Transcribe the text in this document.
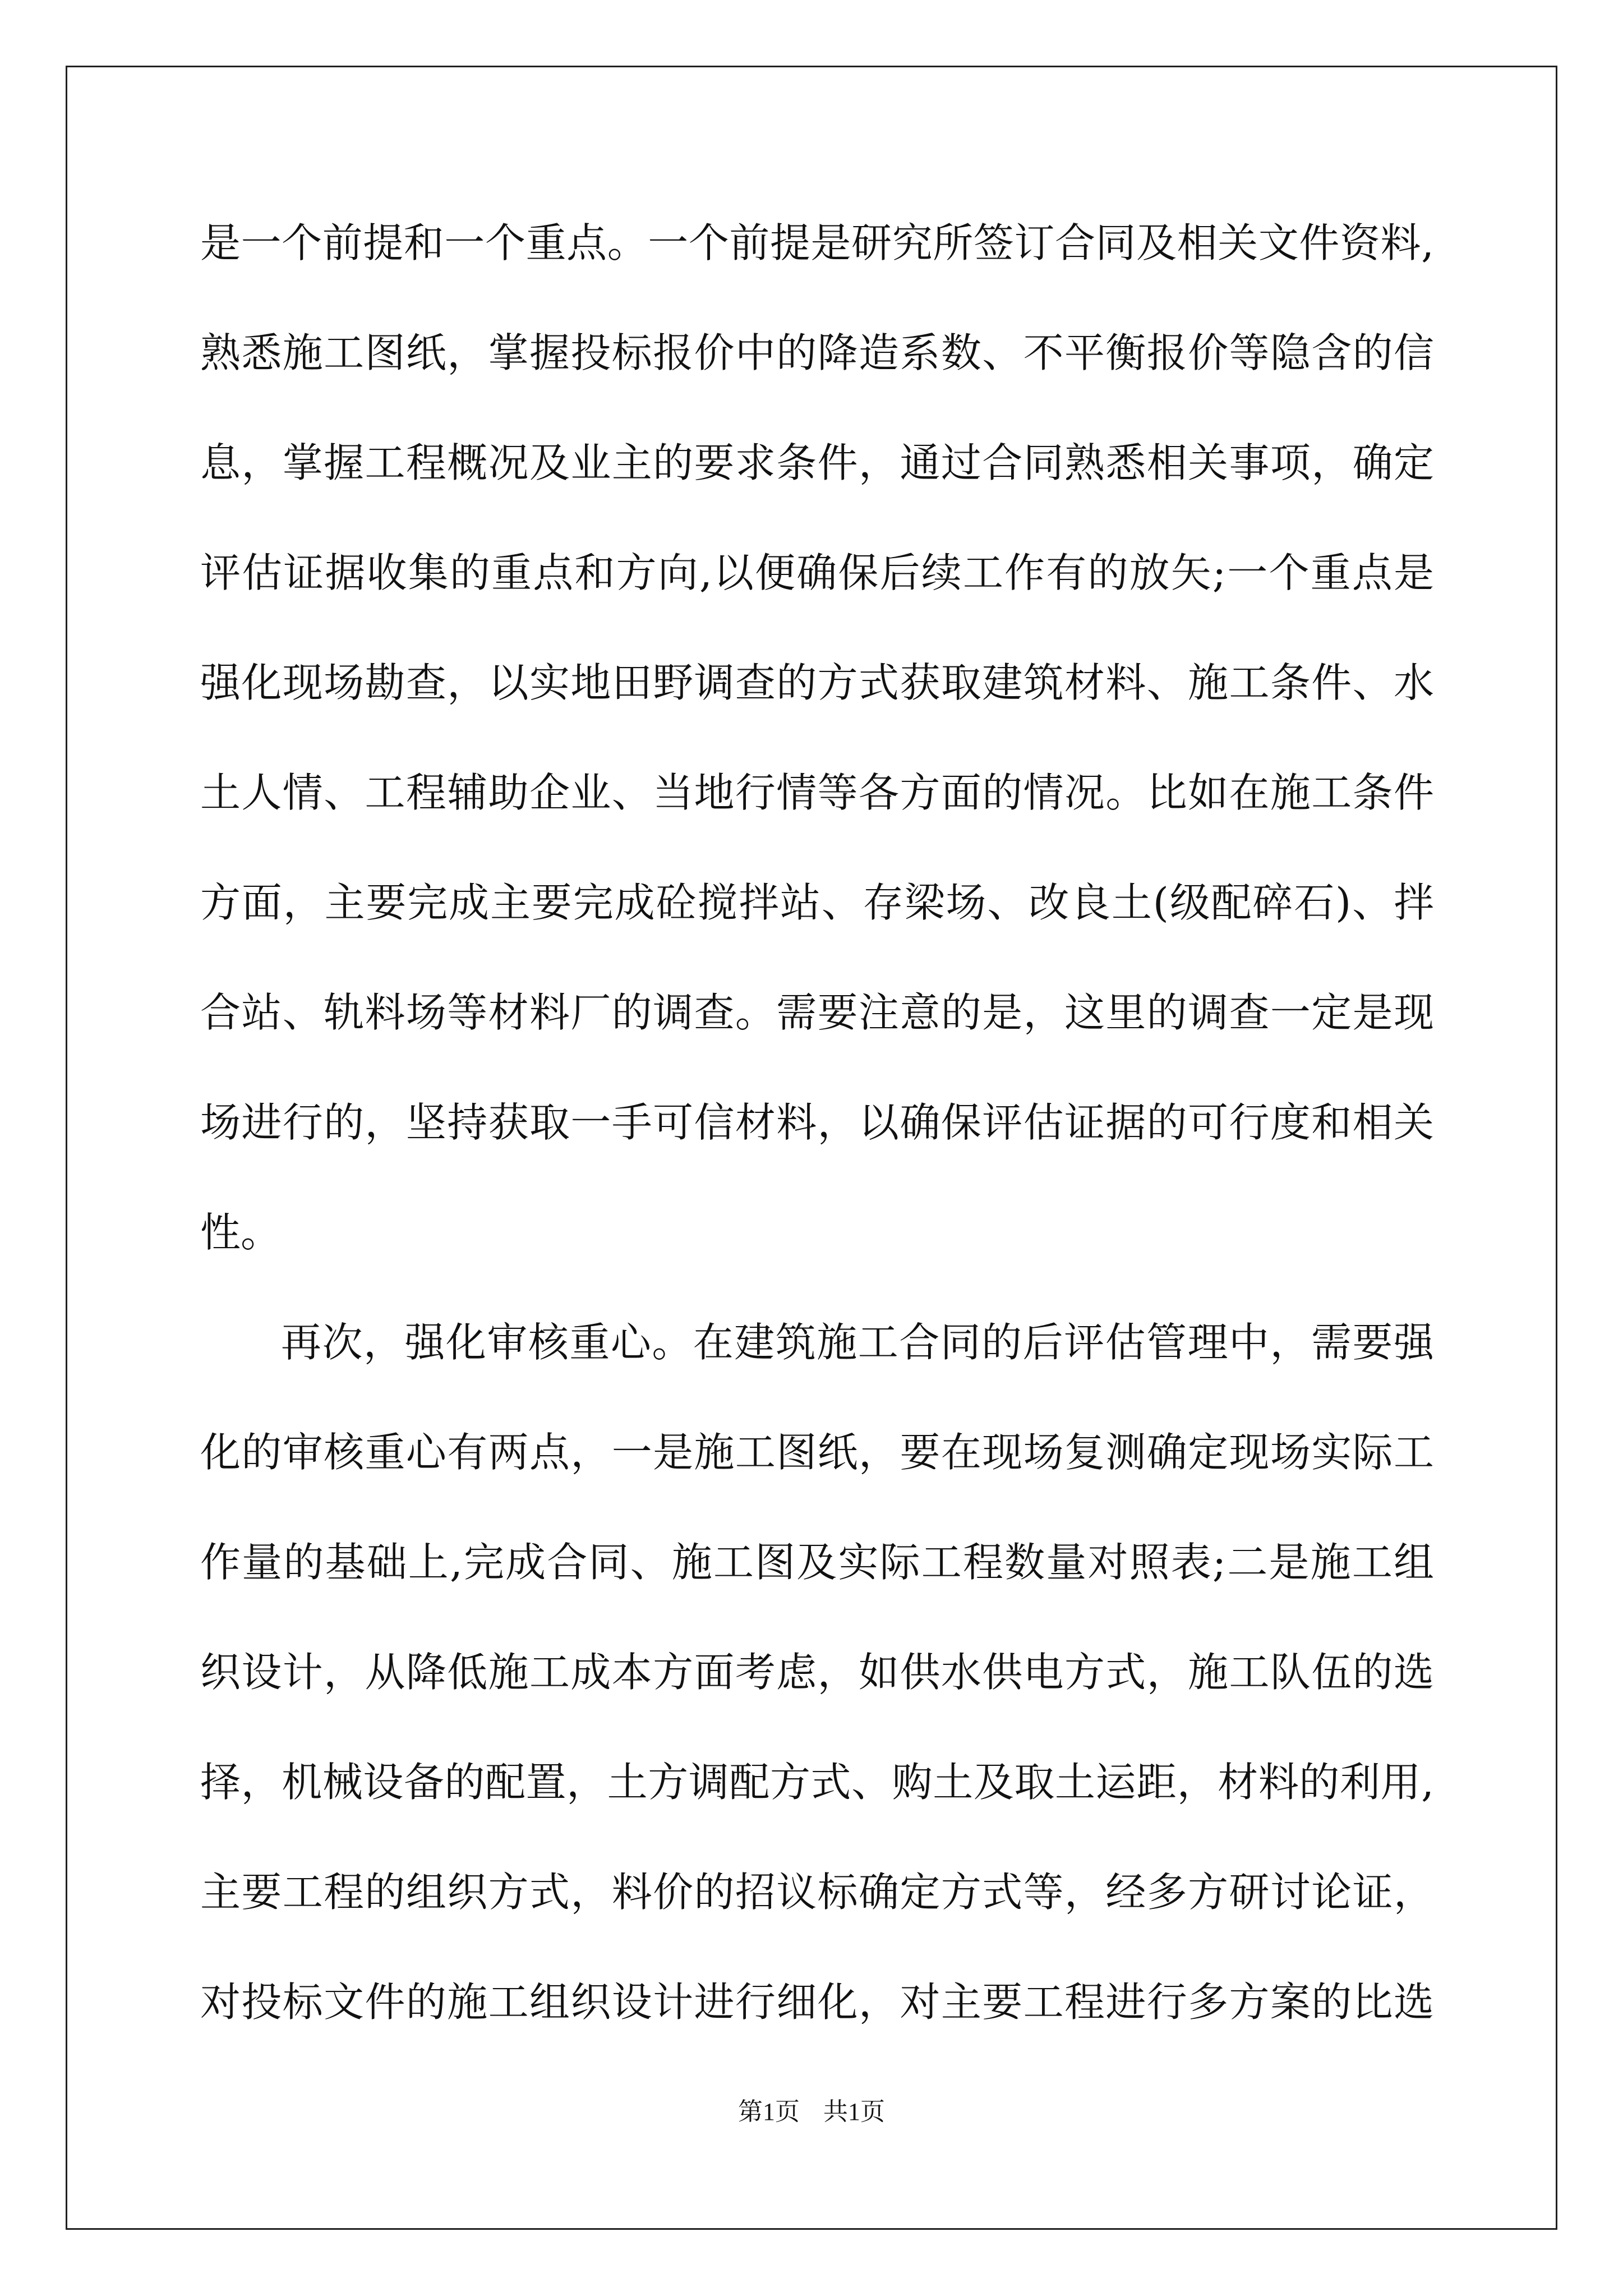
是一个前提和一个重点。一个前提是研究所签订合同及相关文件资料,
熟悉施工图纸，掌握投标报价中的降造系数、不平衡报价等隐含的信
息，掌握工程概况及业主的要求条件，通过合同熟悉相关事项，确定
评估证据收集的重点和方向,以便确保后续工作有的放矢;一个重点是
强化现场勘查，以实地田野调查的方式获取建筑材料、施工条件、水
土人情、工程辅助企业、当地行情等各方面的情况。比如在施工条件
方面，主要完成主要完成砼搅拌站、存梁场、改良土(级配碎石)、拌
合站、轨料场等材料厂的调查。需要注意的是，这里的调查一定是现
场进行的，坚持获取一手可信材料，以确保评估证据的可行度和相关
性。
再次，强化审核重心。在建筑施工合同的后评估管理中，需要强
化的审核重心有两点，一是施工图纸，要在现场复测确定现场实际工
作量的基础上,完成合同、施工图及实际工程数量对照表;二是施工组
织设计，从降低施工成本方面考虑，如供水供电方式，施工队伍的选
择，机械设备的配置，土方调配方式、购土及取土运距，材料的利用,
主要工程的组织方式，料价的招议标确定方式等，经多方研讨论证，
对投标文件的施工组织设计进行细化，对主要工程进行多方案的比选
第1页 共1页
